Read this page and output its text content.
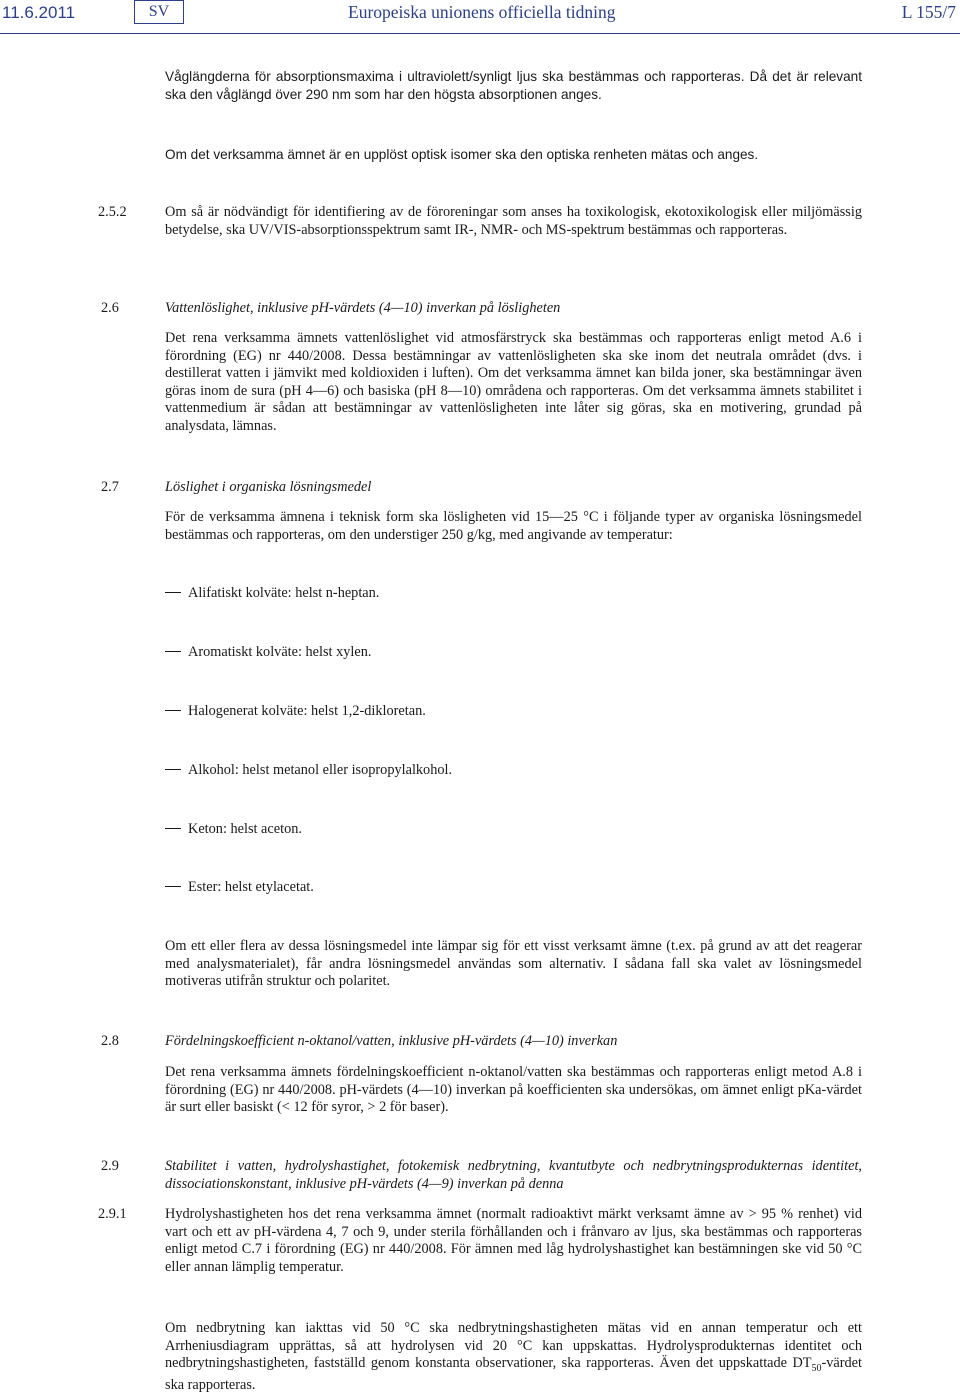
11.6.2011	SV	Europeiska unionens officiella tidning	L 155/7
Våglängderna för absorptionsmaxima i ultraviolett/synligt ljus ska bestämmas och rapporteras. Då det är relevant ska den våglängd över 290 nm som har den högsta absorptionen anges.
Om det verksamma ämnet är en upplöst optisk isomer ska den optiska renheten mätas och anges.
2.5.2	Om så är nödvändigt för identifiering av de föroreningar som anses ha toxikologisk, ekotoxikologisk eller miljömässig betydelse, ska UV/VIS-absorptionsspektrum samt IR-, NMR- och MS-spektrum bestämmas och rapporteras.
2.6	Vattenlöslighet, inklusive pH-värdets (4—10) inverkan på lösligheten
Det rena verksamma ämnets vattenlöslighet vid atmosfärstryck ska bestämmas och rapporteras enligt metod A.6 i förordning (EG) nr 440/2008. Dessa bestämningar av vattenlösligheten ska ske inom det neutrala området (dvs. i destillerat vatten i jämvikt med koldioxiden i luften). Om det verksamma ämnet kan bilda joner, ska bestämningar även göras inom de sura (pH 4—6) och basiska (pH 8—10) områdena och rapporteras. Om det verksamma ämnets stabilitet i vattenmedium är sådan att bestämningar av vattenlösligheten inte låter sig göras, ska en motivering, grundad på analysdata, lämnas.
2.7	Löslighet i organiska lösningsmedel
För de verksamma ämnena i teknisk form ska lösligheten vid 15—25 °C i följande typer av organiska lösningsmedel bestämmas och rapporteras, om den understiger 250 g/kg, med angivande av temperatur:
Alifatiskt kolväte: helst n-heptan.
Aromatiskt kolväte: helst xylen.
Halogenerat kolväte: helst 1,2-dikloretan.
Alkohol: helst metanol eller isopropylalkohol.
Keton: helst aceton.
Ester: helst etylacetat.
Om ett eller flera av dessa lösningsmedel inte lämpar sig för ett visst verksamt ämne (t.ex. på grund av att det reagerar med analysmaterialet), får andra lösningsmedel användas som alternativ. I sådana fall ska valet av lösningsmedel motiveras utifrån struktur och polaritet.
2.8	Fördelningskoefficient n-oktanol/vatten, inklusive pH-värdets (4—10) inverkan
Det rena verksamma ämnets fördelningskoefficient n-oktanol/vatten ska bestämmas och rapporteras enligt metod A.8 i förordning (EG) nr 440/2008. pH-värdets (4—10) inverkan på koefficienten ska undersökas, om ämnet enligt pKa-värdet är surt eller basiskt (< 12 för syror, > 2 för baser).
2.9	Stabilitet i vatten, hydrolyshastighet, fotokemisk nedbrytning, kvantutbyte och nedbrytningsprodukternas identitet, dissociationskonstant, inklusive pH-värdets (4—9) inverkan på denna
2.9.1	Hydrolyshastigheten hos det rena verksamma ämnet (normalt radioaktivt märkt verksamt ämne av > 95 % renhet) vid vart och ett av pH-värdena 4, 7 och 9, under sterila förhållanden och i frånvaro av ljus, ska bestämmas och rapporteras enligt metod C.7 i förordning (EG) nr 440/2008. För ämnen med låg hydrolyshastighet kan bestämningen ske vid 50 °C eller annan lämplig temperatur.
Om nedbrytning kan iakttas vid 50 °C ska nedbrytningshastigheten mätas vid en annan temperatur och ett Arrheniusdiagram upprättas, så att hydrolysen vid 20 °C kan uppskattas. Hydrolysprodukternas identitet och nedbrytningshastigheten, fastställd genom konstanta observationer, ska rapporteras. Även det uppskattade $DT_{50}$-värdet ska rapporteras.
